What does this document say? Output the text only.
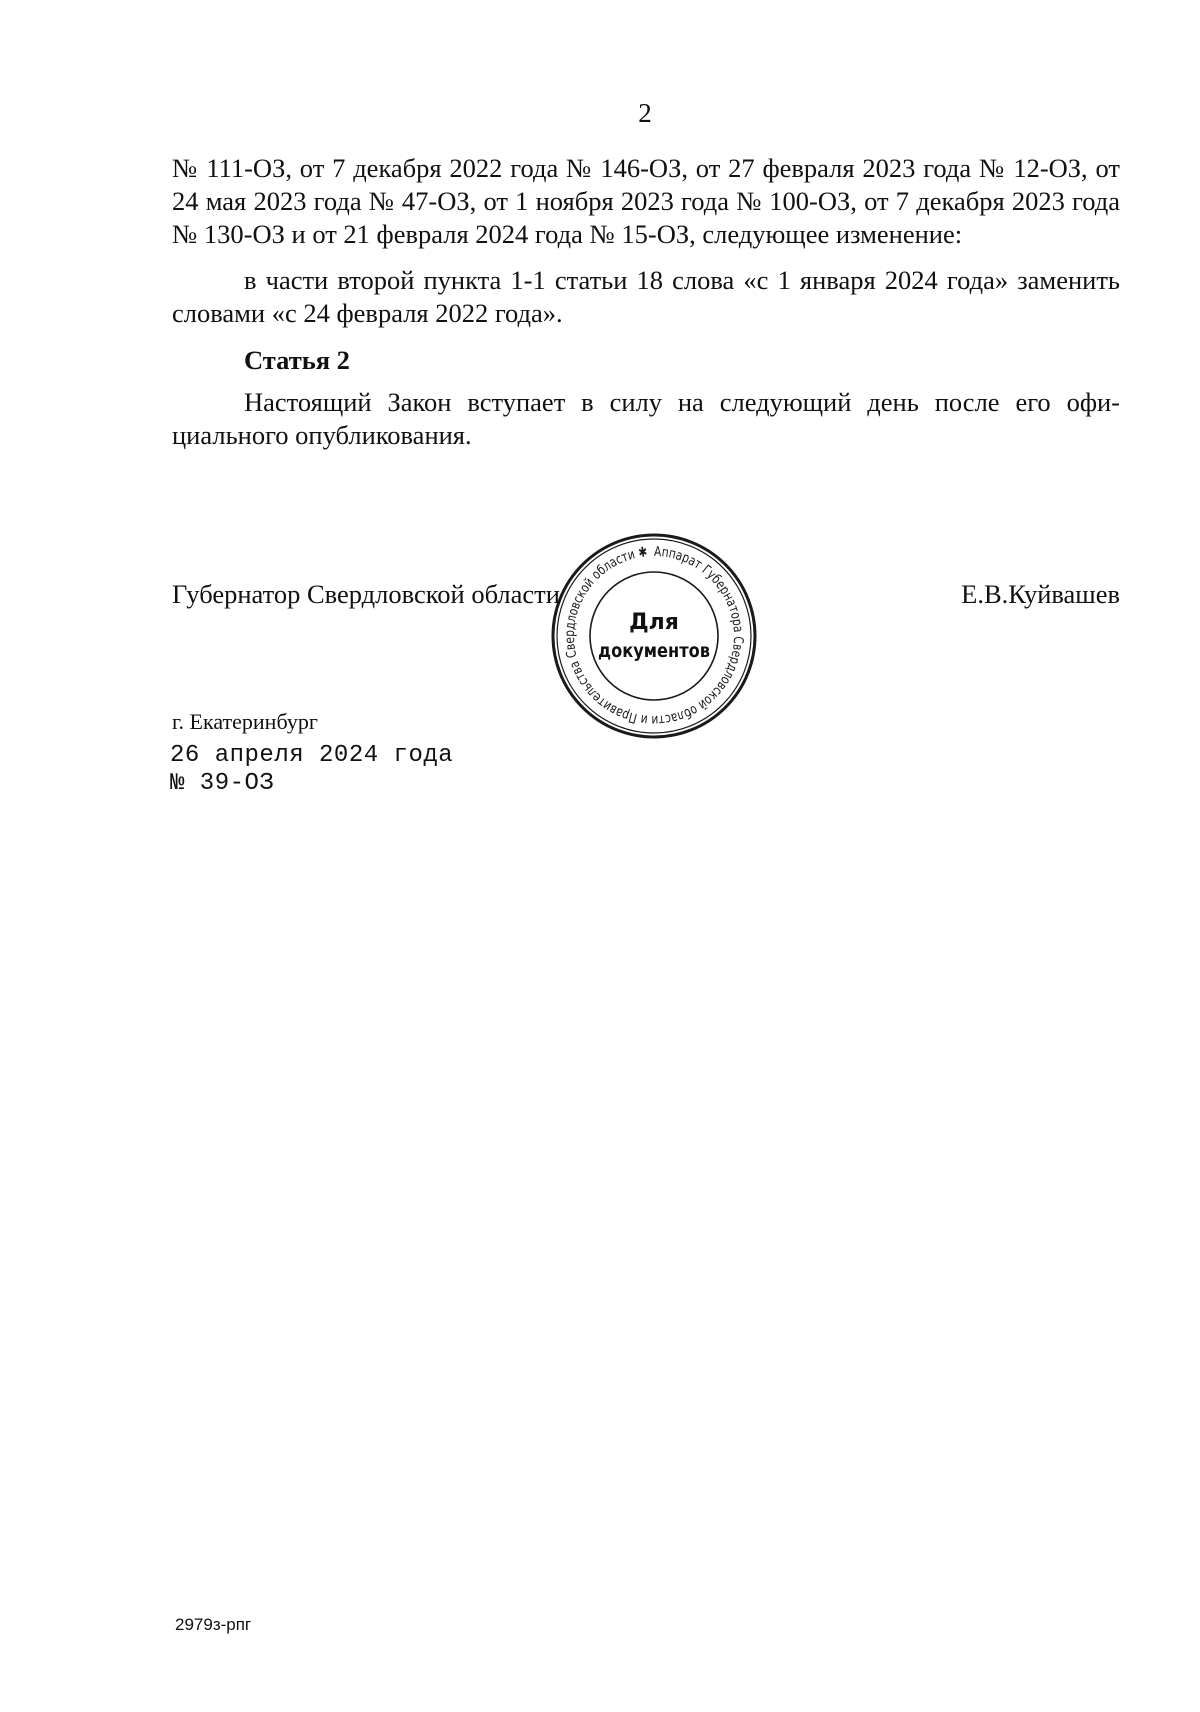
2

№ 111-ОЗ, от 7 декабря 2022 года № 146-ОЗ, от 27 февраля 2023 года № 12-ОЗ, от 24 мая 2023 года № 47-ОЗ, от 1 ноября 2023 года № 100-ОЗ, от 7 декабря 2023 года № 130-ОЗ и от 21 февраля 2024 года № 15-ОЗ, следующее изменение:

в части второй пункта 1-1 статьи 18 слова «с 1 января 2024 года» заменить словами «с 24 февраля 2022 года».

Статья 2

Настоящий Закон вступает в силу на следующий день после его официального опубликования.

Губернатор Свердловской области	Е.В.Куйвашев
Аппарат Губернатора Свердловской области и Правительства Свердловской области ✱
Для
документов
г. Екатеринбург
26 апреля 2024 года
№ 39-ОЗ
2979з-рпг
